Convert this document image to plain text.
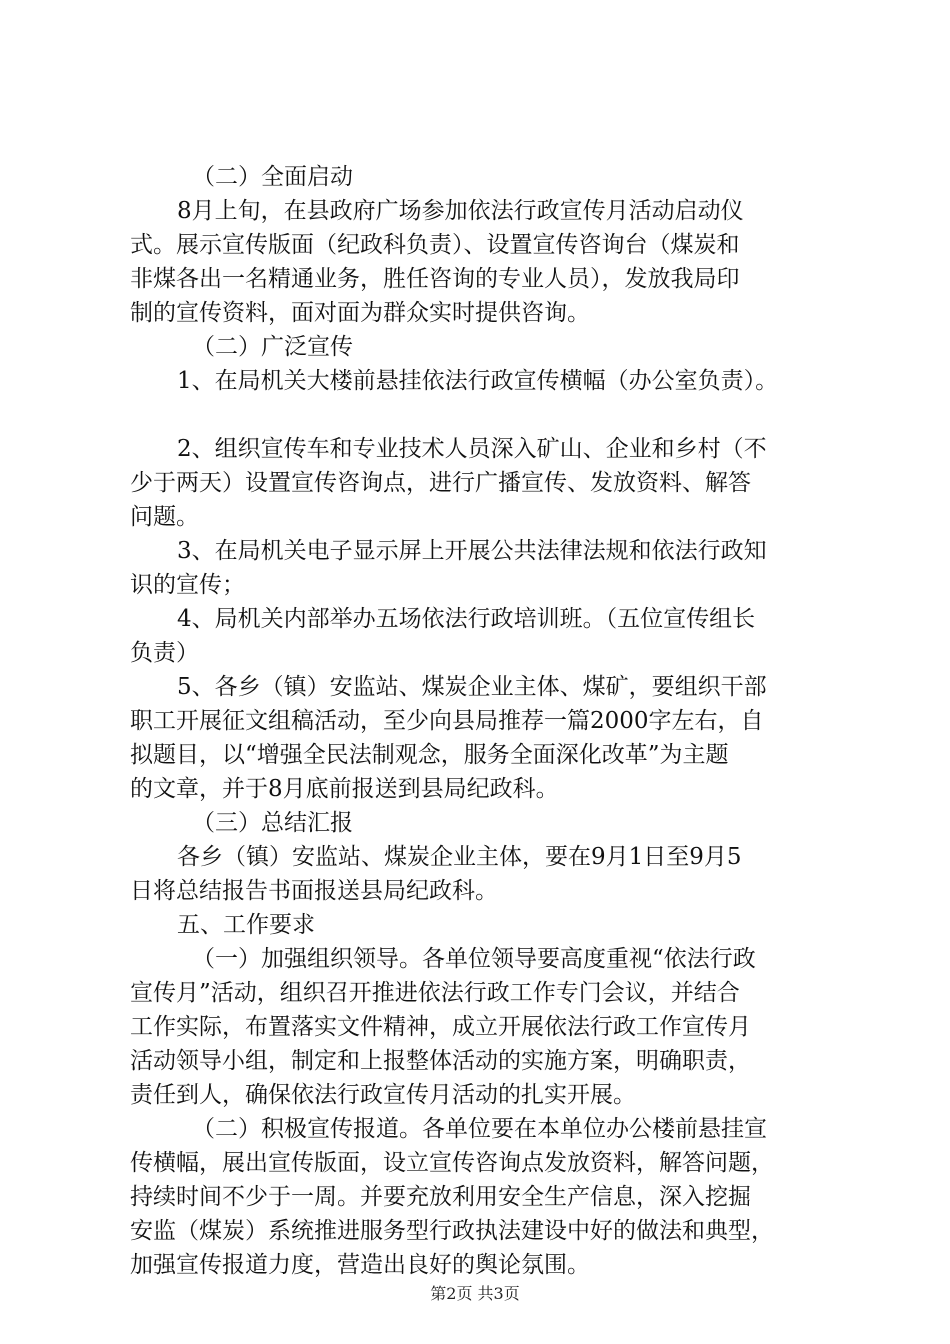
（二）全面启动
8月上旬，在县政府广场参加依法行政宣传月活动启动仪
式。展示宣传版面（纪政科负责）、设置宣传咨询台（煤炭和
非煤各出一名精通业务，胜任咨询的专业人员），发放我局印
制的宣传资料，面对面为群众实时提供咨询。
（二）广泛宣传
1、在局机关大楼前悬挂依法行政宣传横幅（办公室负责）。
2、组织宣传车和专业技术人员深入矿山、企业和乡村（不
少于两天）设置宣传咨询点，进行广播宣传、发放资料、解答
问题。
3、在局机关电子显示屏上开展公共法律法规和依法行政知
识的宣传；
4、局机关内部举办五场依法行政培训班。（五位宣传组长
负责）
5、各乡（镇）安监站、煤炭企业主体、煤矿，要组织干部
职工开展征文组稿活动，至少向县局推荐一篇2000字左右，自
拟题目，以“增强全民法制观念，服务全面深化改革”为主题
的文章，并于8月底前报送到县局纪政科。
（三）总结汇报
各乡（镇）安监站、煤炭企业主体，要在9月1日至9月5
日将总结报告书面报送县局纪政科。
五、工作要求
（一）加强组织领导。各单位领导要高度重视“依法行政
宣传月”活动，组织召开推进依法行政工作专门会议，并结合
工作实际，布置落实文件精神，成立开展依法行政工作宣传月
活动领导小组，制定和上报整体活动的实施方案，明确职责，
责任到人，确保依法行政宣传月活动的扎实开展。
（二）积极宣传报道。各单位要在本单位办公楼前悬挂宣
传横幅，展出宣传版面，设立宣传咨询点发放资料，解答问题，
持续时间不少于一周。并要充放利用安全生产信息，深入挖掘
安监（煤炭）系统推进服务型行政执法建设中好的做法和典型，
加强宣传报道力度，营造出良好的舆论氛围。
第2页 共3页
